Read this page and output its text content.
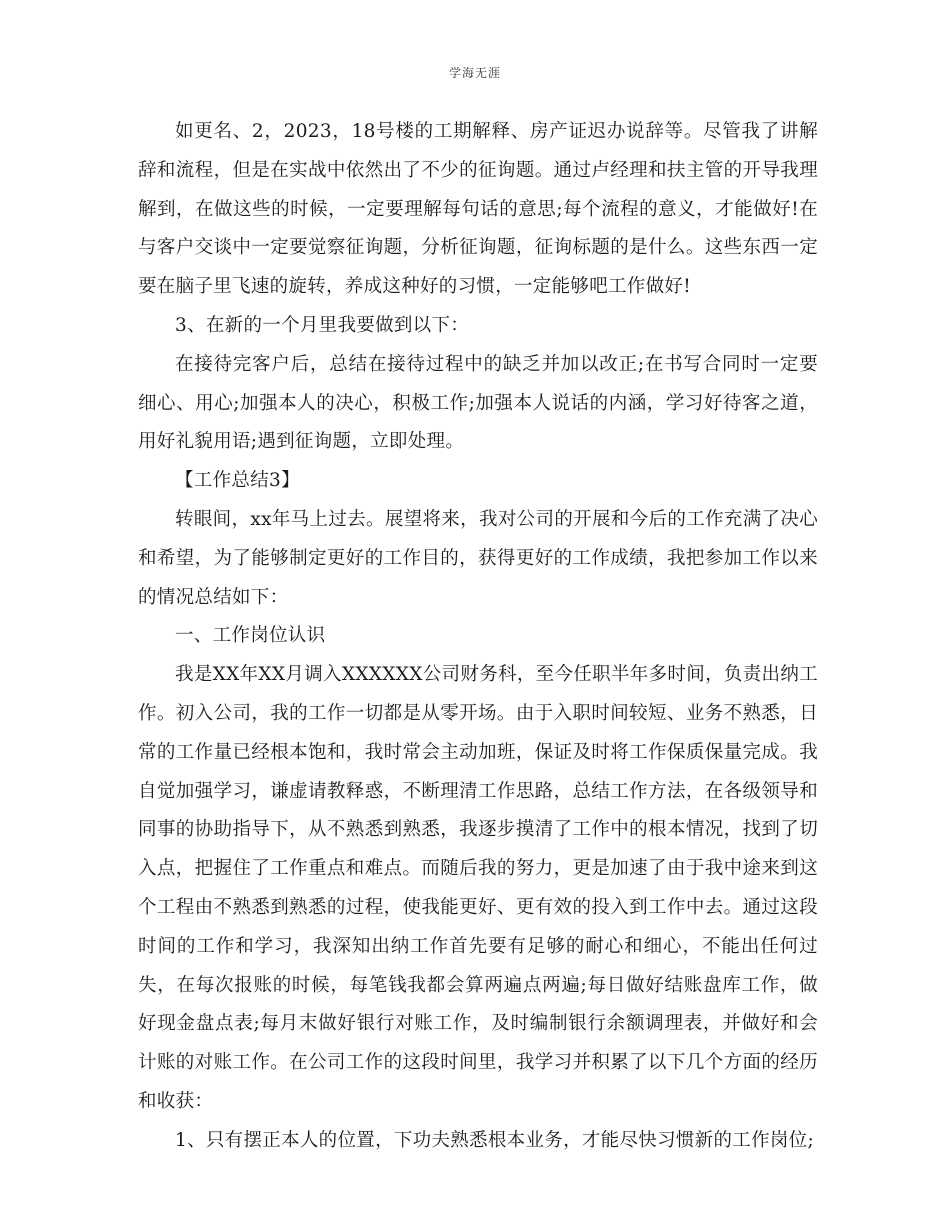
学海无涯

如更名、2，2023，18号楼的工期解释、房产证迟办说辞等。尽管我了讲解辞和流程，但是在实战中依然出了不少的征询题。通过卢经理和扶主管的开导我理解到，在做这些的时候，一定要理解每句话的意思;每个流程的意义，才能做好!在与客户交谈中一定要觉察征询题，分析征询题，征询标题的是什么。这些东西一定要在脑子里飞速的旋转，养成这种好的习惯，一定能够吧工作做好!

3、在新的一个月里我要做到以下：

在接待完客户后，总结在接待过程中的缺乏并加以改正;在书写合同时一定要细心、用心;加强本人的决心，积极工作;加强本人说话的内涵，学习好待客之道，用好礼貌用语;遇到征询题，立即处理。

【工作总结3】

转眼间，xx年马上过去。展望将来，我对公司的开展和今后的工作充满了决心和希望，为了能够制定更好的工作目的，获得更好的工作成绩，我把参加工作以来的情况总结如下：

一、工作岗位认识

我是XX年XX月调入XXXXXX公司财务科，至今任职半年多时间，负责出纳工作。初入公司，我的工作一切都是从零开场。由于入职时间较短、业务不熟悉，日常的工作量已经根本饱和，我时常会主动加班，保证及时将工作保质保量完成。我自觉加强学习，谦虚请教释惑，不断理清工作思路，总结工作方法，在各级领导和同事的协助指导下，从不熟悉到熟悉，我逐步摸清了工作中的根本情况，找到了切入点，把握住了工作重点和难点。而随后我的努力，更是加速了由于我中途来到这个工程由不熟悉到熟悉的过程，使我能更好、更有效的投入到工作中去。通过这段时间的工作和学习，我深知出纳工作首先要有足够的耐心和细心，不能出任何过失，在每次报账的时候，每笔钱我都会算两遍点两遍;每日做好结账盘库工作，做好现金盘点表;每月末做好银行对账工作，及时编制银行余额调理表，并做好和会计账的对账工作。在公司工作的这段时间里，我学习并积累了以下几个方面的经历和收获：

1、只有摆正本人的位置，下功夫熟悉根本业务，才能尽快习惯新的工作岗位;
